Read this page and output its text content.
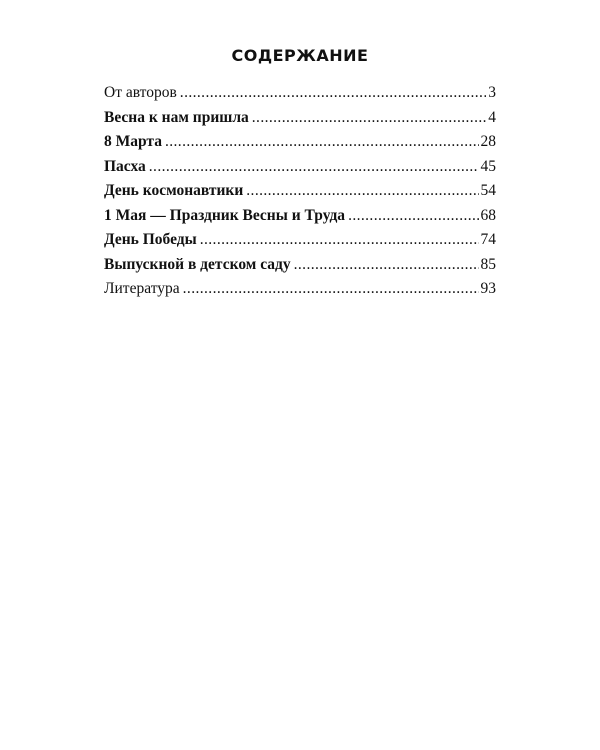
СОДЕРЖАНИЕ
От авторов .....	3
Весна к нам пришла .....	4
8 Марта .....	28
Пасха .....	45
День космонавтики .....	54
1 Мая — Праздник Весны и Труда .....	68
День Победы .....	74
Выпускной в детском саду .....	85
Литература .....	93
